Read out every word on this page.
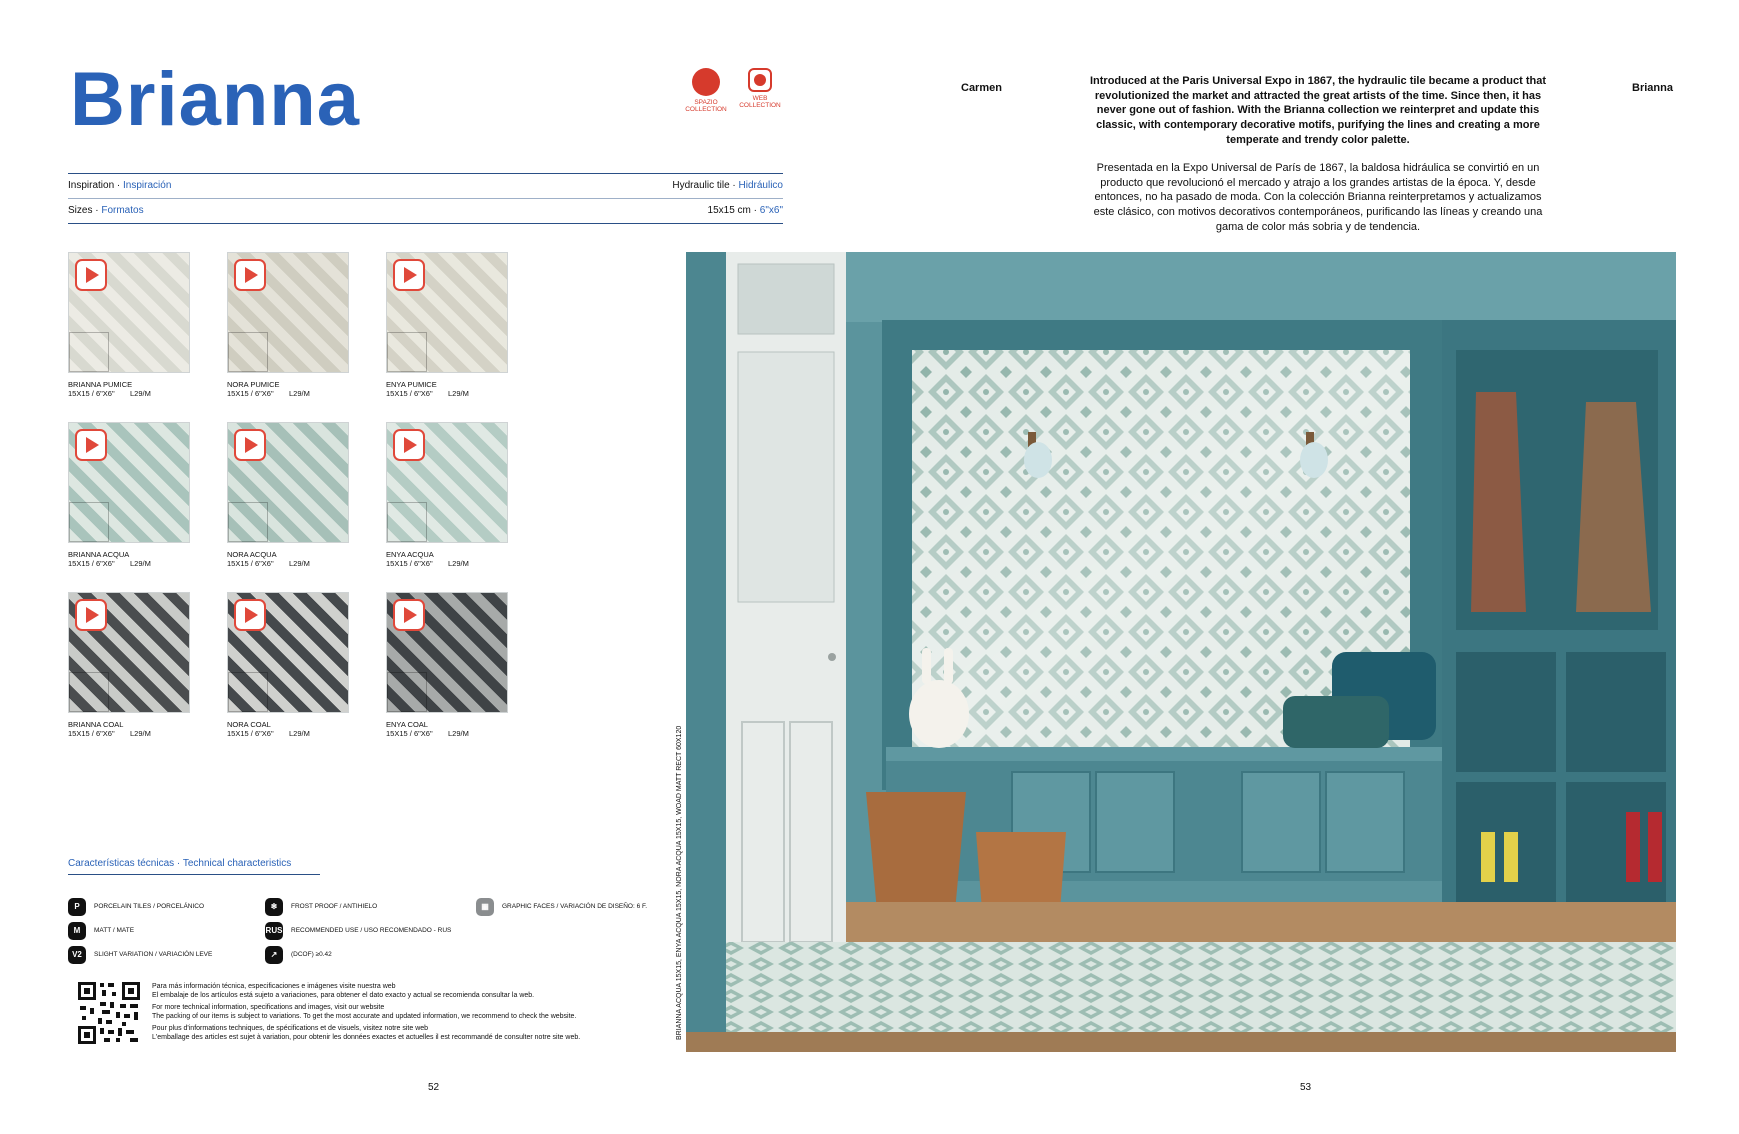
Brianna	SPAZIO COLLECTION
WEB COLLECTION
Inspiration · Inspiración	Hydraulic tile · Hidráulico
Sizes · Formatos	15x15 cm · 6"x6"
BRIANNA PUMICE
15X15 / 6"X6" L29/M
NORA PUMICE
15X15 / 6"X6" L29/M
ENYA PUMICE
15X15 / 6"X6" L29/M
BRIANNA ACQUA
15X15 / 6"X6" L29/M
NORA ACQUA
15X15 / 6"X6" L29/M
ENYA ACQUA
15X15 / 6"X6" L29/M
BRIANNA COAL
15X15 / 6"X6" L29/M
NORA COAL
15X15 / 6"X6" L29/M
ENYA COAL
15X15 / 6"X6" L29/M
Características técnicas · Technical characteristics
P	PORCELAIN TILES / PORCELÁNICO
M	MATT / MATE
V2	SLIGHT VARIATION / VARIACIÓN LEVE
❄	FROST PROOF / ANTIHIELO
RUS RECOMMENDED USE / USO RECOMENDADO - RUS
↗	(DCOF) ≥0.42
▦	GRAPHIC FACES / VARIACIÓN DE DISEÑO: 6 F.
Para más información técnica, especificaciones e imágenes visite nuestra web
El embalaje de los artículos está sujeto a variaciones, para obtener el dato exacto y actual se recomienda consultar la web.
For more technical information, specifications and images, visit our website
The packing of our items is subject to variations. To get the most accurate and updated information, we recommend to check the website.
Pour plus d'informations techniques, de spécifications et de visuels, visitez notre site web
L'emballage des articles est sujet à variation, pour obtenir les données exactes et actuelles il est recommandé de consulter notre site web.
52
Carmen	Brianna
Introduced at the Paris Universal Expo in 1867, the hydraulic tile became a product that revolutionized the market and attracted the great artists of the time. Since then, it has never gone out of fashion. With the Brianna collection we reinterpret and update this classic, with contemporary decorative motifs, purifying the lines and creating a more temperate and trendy color palette.
Presentada en la Expo Universal de París de 1867, la baldosa hidráulica se convirtió en un producto que revolucionó el mercado y atrajo a los grandes artistas de la época. Y, desde entonces, no ha pasado de moda. Con la colección Brianna reinterpretamos y actualizamos este clásico, con motivos decorativos contemporáneos, purificando las líneas y creando una gama de color más sobria y de tendencia.
BRIANNA ACQUA 15X15, ENYA ACQUA 15X15, NORA ACQUA 15X15, WOAD MATT RECT 60X120
53
